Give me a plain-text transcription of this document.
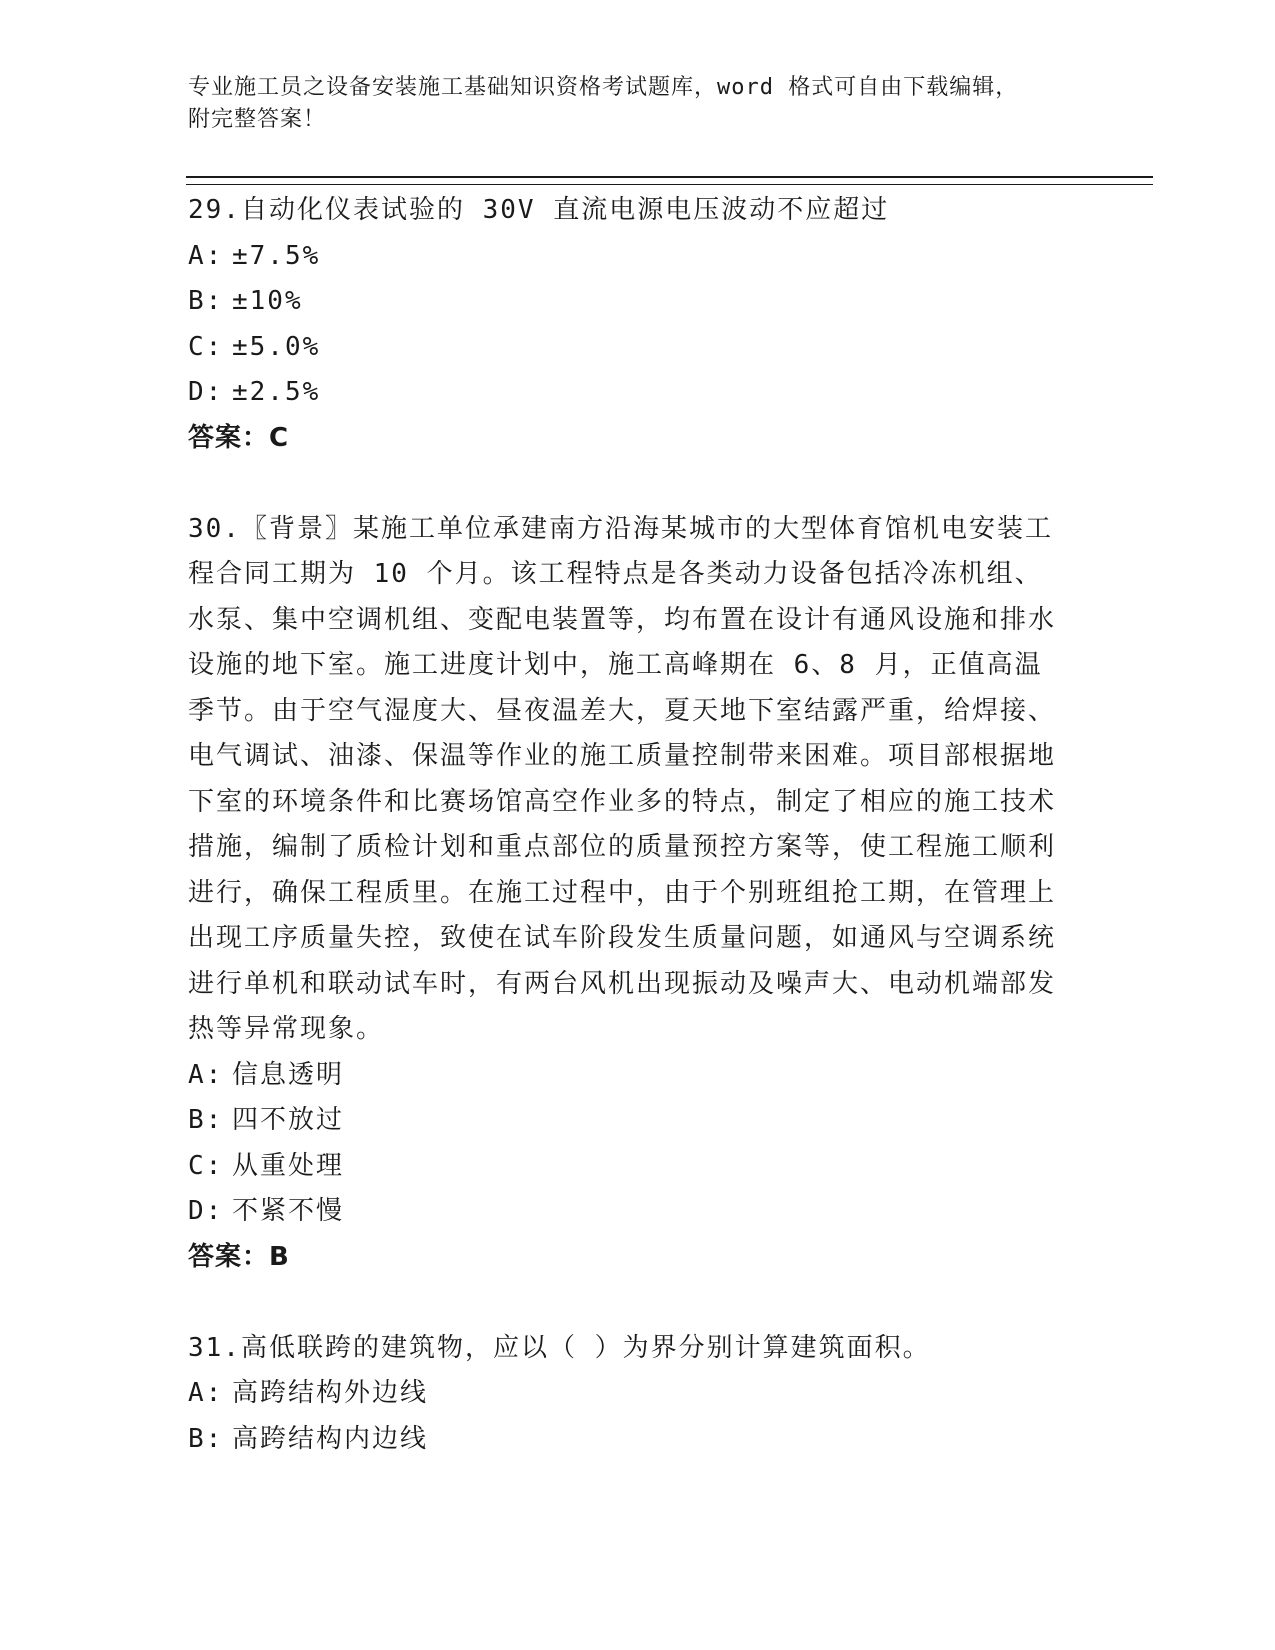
专业施工员之设备安装施工基础知识资格考试题库，word 格式可自由下载编辑，
附完整答案！

29.自动化仪表试验的 30V 直流电源电压波动不应超过

A: ±7.5%

B: ±10%

C: ±5.0%

D: ±2.5%

答案：C

30.〖背景〗某施工单位承建南方沿海某城市的大型体育馆机电安装工程合同工期为 10 个月。该工程特点是各类动力设备包括冷冻机组、水泵、集中空调机组、变配电装置等，均布置在设计有通风设施和排水设施的地下室。施工进度计划中，施工高峰期在 6、8 月，正值高温季节。由于空气湿度大、昼夜温差大，夏天地下室结露严重，给焊接、电气调试、油漆、保温等作业的施工质量控制带来困难。项目部根据地下室的环境条件和比赛场馆高空作业多的特点，制定了相应的施工技术措施，编制了质检计划和重点部位的质量预控方案等，使工程施工顺利进行，确保工程质里。在施工过程中，由于个别班组抢工期，在管理上出现工序质量失控，致使在试车阶段发生质量问题，如通风与空调系统进行单机和联动试车时，有两台风机出现振动及噪声大、电动机端部发热等异常现象。

A: 信息透明

B: 四不放过

C: 从重处理

D: 不紧不慢

答案：B

31.高低联跨的建筑物，应以（ ）为界分别计算建筑面积。

A: 高跨结构外边线

B: 高跨结构内边线
